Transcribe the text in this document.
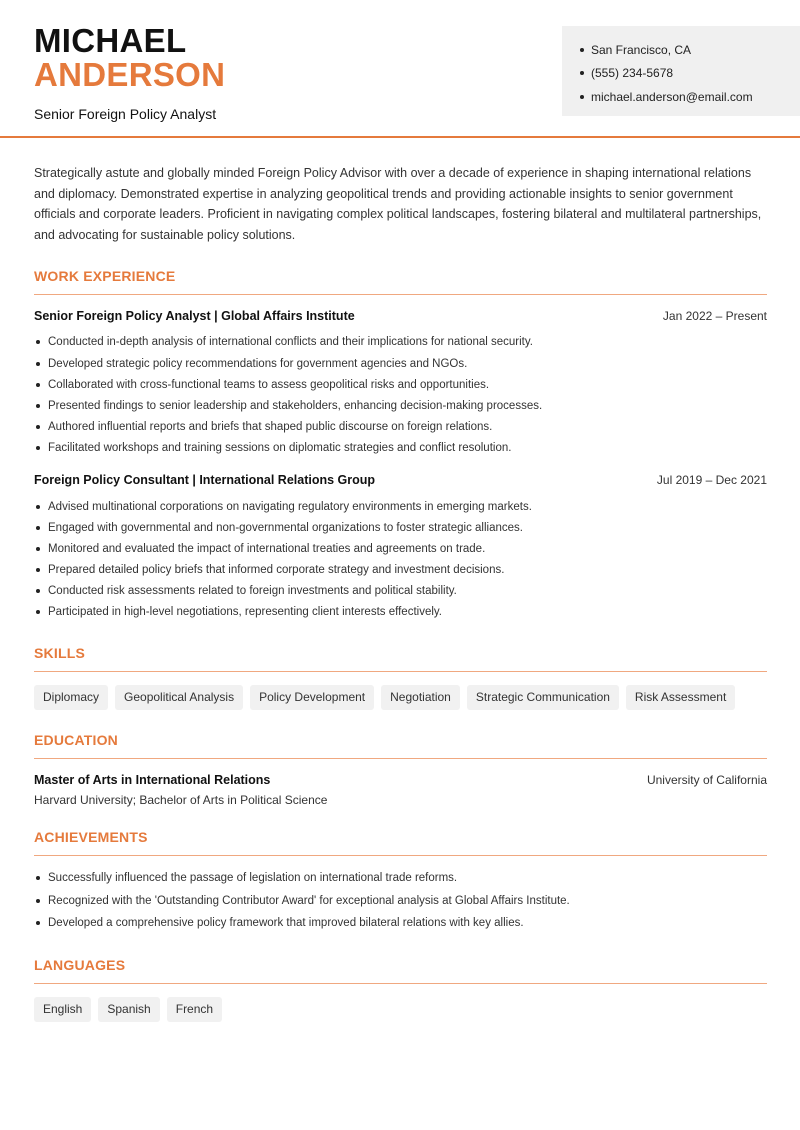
MICHAEL
ANDERSON
Senior Foreign Policy Analyst
San Francisco, CA
(555) 234-5678
michael.anderson@email.com

Strategically astute and globally minded Foreign Policy Advisor with over a decade of experience in shaping international relations and diplomacy. Demonstrated expertise in analyzing geopolitical trends and providing actionable insights to senior government officials and corporate leaders. Proficient in navigating complex political landscapes, fostering bilateral and multilateral partnerships, and advocating for sustainable policy solutions.

WORK EXPERIENCE
Senior Foreign Policy Analyst | Global Affairs Institute	Jan 2022 – Present
Conducted in-depth analysis of international conflicts and their implications for national security.
Developed strategic policy recommendations for government agencies and NGOs.
Collaborated with cross-functional teams to assess geopolitical risks and opportunities.
Presented findings to senior leadership and stakeholders, enhancing decision-making processes.
Authored influential reports and briefs that shaped public discourse on foreign relations.
Facilitated workshops and training sessions on diplomatic strategies and conflict resolution.
Foreign Policy Consultant | International Relations Group	Jul 2019 – Dec 2021
Advised multinational corporations on navigating regulatory environments in emerging markets.
Engaged with governmental and non-governmental organizations to foster strategic alliances.
Monitored and evaluated the impact of international treaties and agreements on trade.
Prepared detailed policy briefs that informed corporate strategy and investment decisions.
Conducted risk assessments related to foreign investments and political stability.
Participated in high-level negotiations, representing client interests effectively.
SKILLS
Diplomacy	Geopolitical Analysis	Policy Development	Negotiation	Strategic Communication	Risk Assessment
EDUCATION
Master of Arts in International Relations	University of California
Harvard University; Bachelor of Arts in Political Science
ACHIEVEMENTS
Successfully influenced the passage of legislation on international trade reforms.
Recognized with the 'Outstanding Contributor Award' for exceptional analysis at Global Affairs Institute.
Developed a comprehensive policy framework that improved bilateral relations with key allies.
LANGUAGES
English	Spanish	French
